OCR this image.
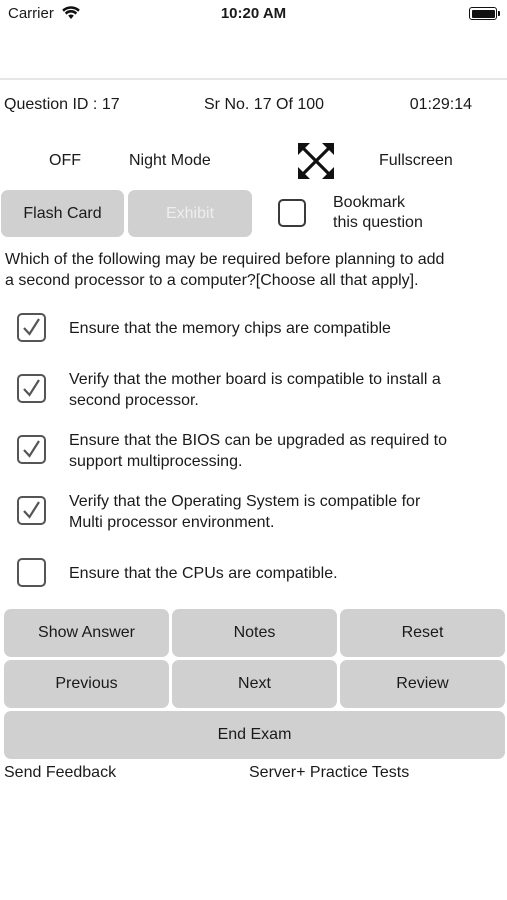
Carrier	10:20 AM
Question ID : 17	Sr No. 17 Of 100	01:29:14
OFF	Night Mode	Fullscreen
Flash Card	Exhibit
Bookmark
this question
Which of the following may be required before planning to add
a second processor to a computer?[Choose all that apply].
Ensure that the memory chips are compatible
Verify that the mother board is compatible to install a
second processor.
Ensure that the BIOS can be upgraded as required to
support multiprocessing.
Verify that the Operating System is compatible for
Multi processor environment.
Ensure that the CPUs are compatible.
Show Answer	Notes	Reset
Previous	Next	Review
End Exam
Send Feedback	Server+ Practice Tests
